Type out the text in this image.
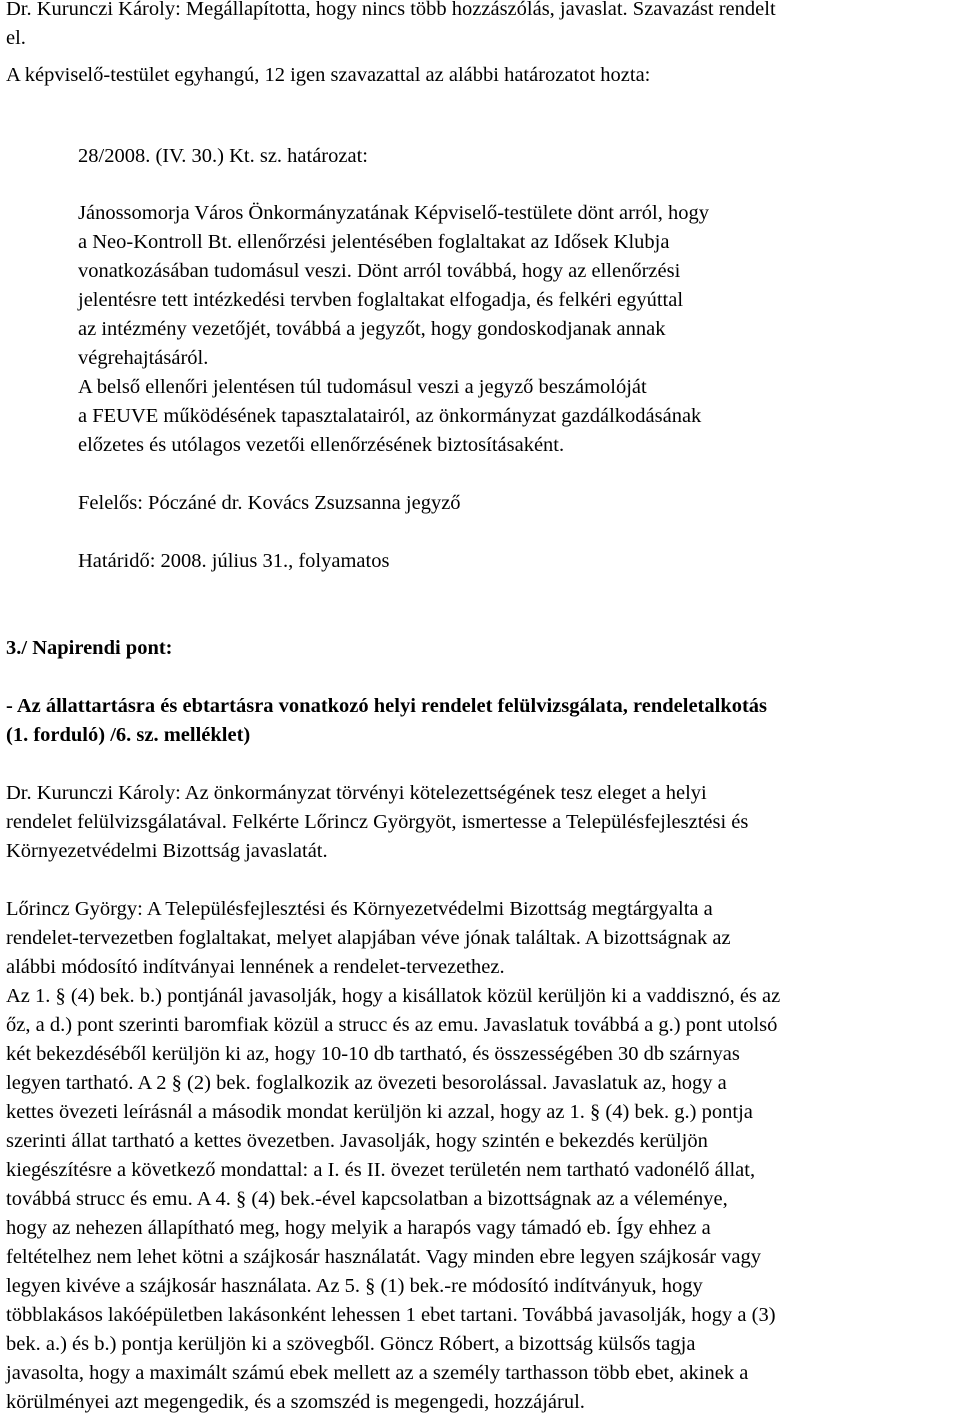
Dr. Kurunczi Károly: Megállapította, hogy nincs több hozzászólás, javaslat. Szavazást rendelt
el.
A képviselő-testület egyhangú, 12 igen szavazattal az alábbi határozatot hozta:
28/2008. (IV. 30.) Kt. sz. határozat:
Jánossomorja Város Önkormányzatának Képviselő-testülete dönt arról, hogy
a Neo-Kontroll Bt. ellenőrzési jelentésében foglaltakat az Idősek Klubja
vonatkozásában tudomásul veszi. Dönt arról továbbá, hogy az ellenőrzési
jelentésre tett intézkedési tervben foglaltakat elfogadja, és felkéri egyúttal
az intézmény vezetőjét, továbbá a jegyzőt, hogy gondoskodjanak annak
végrehajtásáról.
A belső ellenőri jelentésen túl tudomásul veszi a jegyző beszámolóját
a FEUVE működésének tapasztalatairól, az önkormányzat gazdálkodásának
előzetes és utólagos vezetői ellenőrzésének biztosításaként.
Felelős: Póczáné dr. Kovács Zsuzsanna jegyző
Határidő: 2008. július 31., folyamatos
3./ Napirendi pont:
- Az állattartásra és ebtartásra vonatkozó helyi rendelet felülvizsgálata, rendeletalkotás
(1. forduló) /6. sz. melléklet)
Dr. Kurunczi Károly: Az önkormányzat törvényi kötelezettségének tesz eleget a helyi
rendelet felülvizsgálatával. Felkérte Lőrincz Györgyöt, ismertesse a Településfejlesztési és
Környezetvédelmi Bizottság javaslatát.
Lőrincz György: A Településfejlesztési és Környezetvédelmi Bizottság megtárgyalta a
rendelet-tervezetben foglaltakat, melyet alapjában véve jónak találtak. A bizottságnak az
alábbi módosító indítványai lennének a rendelet-tervezethez.
Az 1. § (4) bek. b.) pontjánál javasolják, hogy a kisállatok közül kerüljön ki a vaddisznó, és az
őz, a d.) pont szerinti baromfiak közül a strucc és az emu. Javaslatuk továbbá a g.) pont utolsó
két bekezdéséből kerüljön ki az, hogy 10-10 db tartható, és összességében 30 db szárnyas
legyen tartható. A 2 § (2) bek. foglalkozik az övezeti besorolással. Javaslatuk az, hogy a
kettes övezeti leírásnál a második mondat kerüljön ki azzal, hogy az 1. § (4) bek. g.) pontja
szerinti állat tartható a kettes övezetben. Javasolják, hogy szintén e bekezdés kerüljön
kiegészítésre a következő mondattal: a I. és II. övezet területén nem tartható vadonélő állat,
továbbá strucc és emu. A 4. § (4) bek.-ével kapcsolatban a bizottságnak az a véleménye,
hogy az nehezen állapítható meg, hogy melyik a harapós vagy támadó eb. Így ehhez a
feltételhez nem lehet kötni a szájkosár használatát. Vagy minden ebre legyen szájkosár vagy
legyen kivéve a szájkosár használata. Az 5. § (1) bek.-re módosító indítványuk, hogy
többlakásos lakóépületben lakásonként lehessen 1 ebet tartani. Továbbá javasolják, hogy a (3)
bek. a.) és b.) pontja kerüljön ki a szövegből. Göncz Róbert, a bizottság külsős tagja
javasolta, hogy a maximált számú ebek mellett az a személy tarthasson több ebet, akinek a
körülményei azt megengedik, és a szomszéd is megengedi, hozzájárul.
